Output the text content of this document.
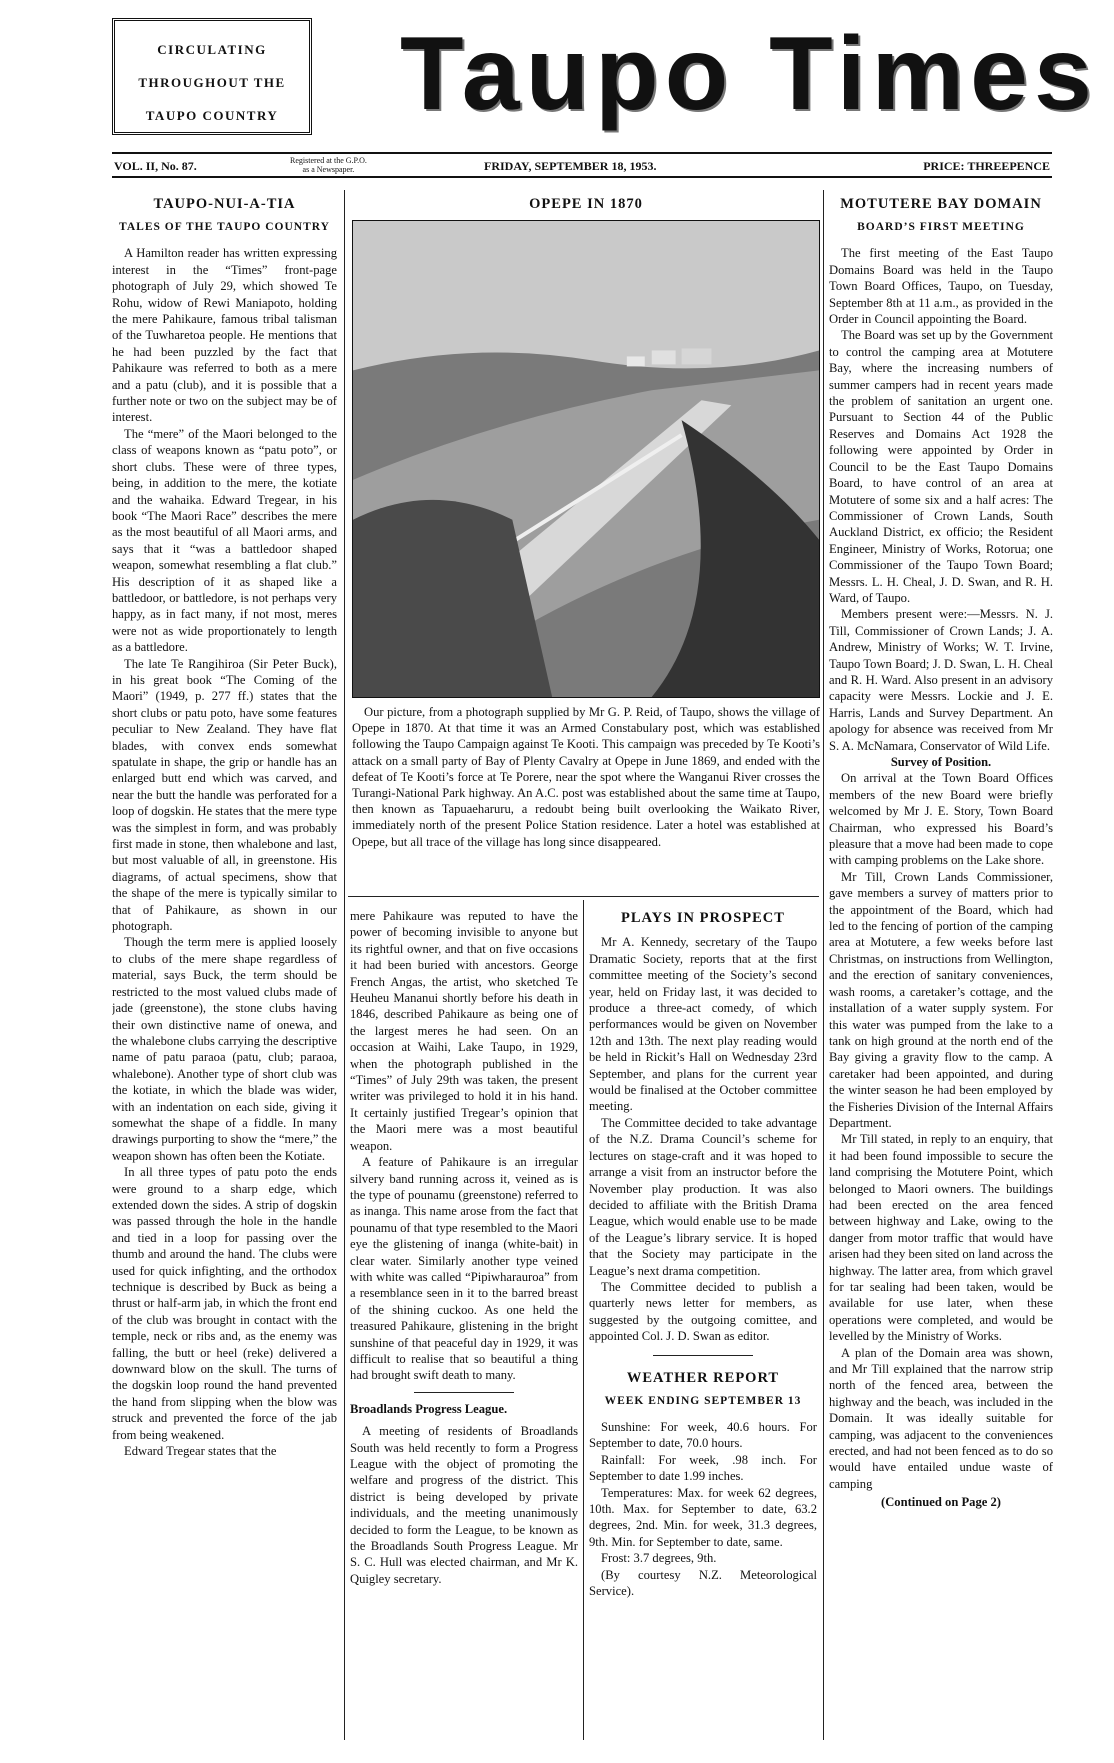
CIRCULATING
THROUGHOUT THE
TAUPO COUNTRY Taupo Times
VOL. II, No. 87.	Registered at the G.P.O.
as a Newspaper.	FRIDAY, SEPTEMBER 18, 1953.	PRICE: THREEPENCE
TAUPO-NUI-A-TIA
TALES OF THE TAUPO COUNTRY

A Hamilton reader has written expressing interest in the “Times” front-page photograph of July 29, which showed Te Rohu, widow of Rewi Maniapoto, holding the mere Pahikaure, famous tribal talisman of the Tuwharetoa people. He mentions that he had been puzzled by the fact that Pahikaure was referred to both as a mere and a patu (club), and it is possible that a further note or two on the subject may be of interest.

The “mere” of the Maori belonged to the class of weapons known as “patu poto”, or short clubs. These were of three types, being, in addition to the mere, the kotiate and the wahaika. Edward Tregear, in his book “The Maori Race” describes the mere as the most beautiful of all Maori arms, and says that it “was a battledoor shaped weapon, somewhat resembling a flat club.” His description of it as shaped like a battledoor, or battledore, is not perhaps very happy, as in fact many, if not most, meres were not as wide proportionately to length as a battledore.

The late Te Rangihiroa (Sir Peter Buck), in his great book “The Coming of the Maori” (1949, p. 277 ff.) states that the short clubs or patu poto, have some features peculiar to New Zealand. They have flat blades, with convex ends somewhat spatulate in shape, the grip or handle has an enlarged butt end which was carved, and near the butt the handle was perforated for a loop of dogskin. He states that the mere type was the simplest in form, and was probably first made in stone, then whalebone and last, but most valuable of all, in greenstone. His diagrams, of actual specimens, show that the shape of the mere is typically similar to that of Pahikaure, as shown in our photograph.

Though the term mere is applied loosely to clubs of the mere shape regardless of material, says Buck, the term should be restricted to the most valued clubs made of jade (greenstone), the stone clubs having their own distinctive name of onewa, and the whalebone clubs carrying the descriptive name of patu paraoa (patu, club; paraoa, whalebone). Another type of short club was the kotiate, in which the blade was wider, with an indentation on each side, giving it somewhat the shape of a fiddle. In many drawings purporting to show the “mere,” the weapon shown has often been the Kotiate.

In all three types of patu poto the ends were ground to a sharp edge, which extended down the sides. A strip of dogskin was passed through the hole in the handle and tied in a loop for passing over the thumb and around the hand. The clubs were used for quick infighting, and the orthodox technique is described by Buck as being a thrust or half-arm jab, in which the front end of the club was brought in contact with the temple, neck or ribs and, as the enemy was falling, the butt or heel (reke) delivered a downward blow on the skull. The turns of the dogskin loop round the hand prevented the hand from slipping when the blow was struck and prevented the force of the jab from being weakened.

Edward Tregear states that the

OPEPE IN 1870

Our picture, from a photograph supplied by Mr G. P. Reid, of Taupo, shows the village of Opepe in 1870. At that time it was an Armed Constabulary post, which was established following the Taupo Campaign against Te Kooti. This campaign was preceded by Te Kooti’s attack on a small party of Bay of Plenty Cavalry at Opepe in June 1869, and ended with the defeat of Te Kooti’s force at Te Porere, near the spot where the Wanganui River crosses the Turangi-National Park highway. An A.C. post was established about the same time at Taupo, then known as Tapuaeharuru, a redoubt being built overlooking the Waikato River, immediately north of the present Police Station residence. Later a hotel was established at Opepe, but all trace of the village has long since disappeared.

mere Pahikaure was reputed to have the power of becoming invisible to anyone but its rightful owner, and that on five occasions it had been buried with ancestors. George French Angas, the artist, who sketched Te Heuheu Mananui shortly before his death in 1846, described Pahikaure as being one of the largest meres he had seen. On an occasion at Waihi, Lake Taupo, in 1929, when the photograph published in the “Times” of July 29th was taken, the present writer was privileged to hold it in his hand. It certainly justified Tregear’s opinion that the Maori mere was a most beautiful weapon.

A feature of Pahikaure is an irregular silvery band running across it, veined as is the type of pounamu (greenstone) referred to as inanga. This name arose from the fact that pounamu of that type resembled to the Maori eye the glistening of inanga (white-bait) in clear water. Similarly another type veined with white was called “Pipiwharauroa” from a resemblance seen in it to the barred breast of the shining cuckoo. As one held the treasured Pahikaure, glistening in the bright sunshine of that peaceful day in 1929, it was difficult to realise that so beautiful a thing had brought swift death to many.

Broadlands Progress League.

A meeting of residents of Broadlands South was held recently to form a Progress League with the object of promoting the welfare and progress of the district. This district is being developed by private individuals, and the meeting unanimously decided to form the League, to be known as the Broadlands South Progress League. Mr S. C. Hull was elected chairman, and Mr K. Quigley secretary.

PLAYS IN PROSPECT

Mr A. Kennedy, secretary of the Taupo Dramatic Society, reports that at the first committee meeting of the Society’s second year, held on Friday last, it was decided to produce a three-act comedy, of which performances would be given on November 12th and 13th. The next play reading would be held in Rickit’s Hall on Wednesday 23rd September, and plans for the current year would be finalised at the October committee meeting.

The Committee decided to take advantage of the N.Z. Drama Council’s scheme for lectures on stage-craft and it was hoped to arrange a visit from an instructor before the November play production. It was also decided to affiliate with the British Drama League, which would enable use to be made of the League’s library service. It is hoped that the Society may participate in the League’s next drama competition.

The Committee decided to publish a quarterly news letter for members, as suggested by the outgoing comittee, and appointed Col. J. D. Swan as editor.

WEATHER REPORT
WEEK ENDING SEPTEMBER 13

Sunshine: For week, 40.6 hours. For September to date, 70.0 hours.

Rainfall: For week, .98 inch. For September to date 1.99 inches.

Temperatures: Max. for week 62 degrees, 10th. Max. for September to date, 63.2 degrees, 2nd. Min. for week, 31.3 degrees, 9th. Min. for September to date, same.

Frost: 3.7 degrees, 9th.

(By courtesy N.Z. Meteorological Service).

MOTUTERE BAY DOMAIN
BOARD’S FIRST MEETING

The first meeting of the East Taupo Domains Board was held in the Taupo Town Board Offices, Taupo, on Tuesday, September 8th at 11 a.m., as provided in the Order in Council appointing the Board.

The Board was set up by the Government to control the camping area at Motutere Bay, where the increasing numbers of summer campers had in recent years made the problem of sanitation an urgent one. Pursuant to Section 44 of the Public Reserves and Domains Act 1928 the following were appointed by Order in Council to be the East Taupo Domains Board, to have control of an area at Motutere of some six and a half acres: The Commissioner of Crown Lands, South Auckland District, ex officio; the Resident Engineer, Ministry of Works, Rotorua; one Commissioner of the Taupo Town Board; Messrs. L. H. Cheal, J. D. Swan, and R. H. Ward, of Taupo.

Members present were:—Messrs. N. J. Till, Commissioner of Crown Lands; J. A. Andrew, Ministry of Works; W. T. Irvine, Taupo Town Board; J. D. Swan, L. H. Cheal and R. H. Ward. Also present in an advisory capacity were Messrs. Lockie and J. E. Harris, Lands and Survey Department. An apology for absence was received from Mr S. A. McNamara, Conservator of Wild Life.

Survey of Position.

On arrival at the Town Board Offices members of the new Board were briefly welcomed by Mr J. E. Story, Town Board Chairman, who expressed his Board’s pleasure that a move had been made to cope with camping problems on the Lake shore.

Mr Till, Crown Lands Commissioner, gave members a survey of matters prior to the appointment of the Board, which had led to the fencing of portion of the camping area at Motutere, a few weeks before last Christmas, on instructions from Wellington, and the erection of sanitary conveniences, wash rooms, a caretaker’s cottage, and the installation of a water supply system. For this water was pumped from the lake to a tank on high ground at the north end of the Bay giving a gravity flow to the camp. A caretaker had been appointed, and during the winter season he had been employed by the Fisheries Division of the Internal Affairs Department.

Mr Till stated, in reply to an enquiry, that it had been found impossible to secure the land comprising the Motutere Point, which belonged to Maori owners. The buildings had been erected on the area fenced between highway and Lake, owing to the danger from motor traffic that would have arisen had they been sited on land across the highway. The latter area, from which gravel for tar sealing had been taken, would be available for use later, when these operations were completed, and would be levelled by the Ministry of Works.

A plan of the Domain area was shown, and Mr Till explained that the narrow strip north of the fenced area, between the highway and the beach, was included in the Domain. It was ideally suitable for camping, was adjacent to the conveniences erected, and had not been fenced as to do so would have entailed undue waste of camping

(Continued on Page 2)
